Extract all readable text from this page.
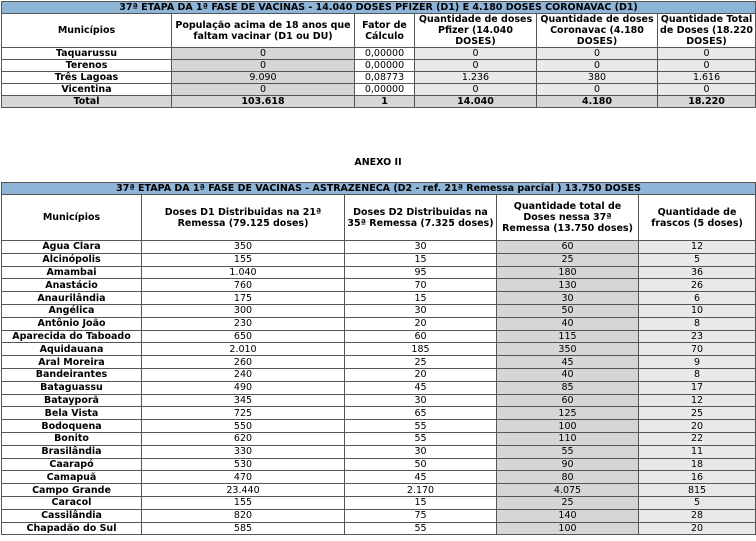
37ª ETAPA DA 1ª FASE DE VACINAS - 14.040 DOSES PFIZER (D1) E 4.180 DOSES CORONAVAC (D1)					
Municípios	População acima de 18 anos que faltam vacinar (D1 ou DU)	Fator de Cálculo	Quantidade de doses Pfizer (14.040 DOSES)	Quantidade de doses Coronavac (4.180 DOSES)	Quantidade Total de Doses (18.220 DOSES)
Taquarussu	0	0,00000	0	0	0
Terenos	0	0,00000	0	0	0
Três Lagoas	9.090	0,08773	1.236	380	1.616
Vicentina	0	0,00000	0	0	0
Total	103.618	1	14.040	4.180	18.220
ANEXO II
37ª ETAPA DA 1ª FASE DE VACINAS - ASTRAZENECA (D2 - ref. 21ª Remessa parcial ) 13.750 DOSES				
Municípios	Doses D1 Distribuidas na 21ª Remessa (79.125 doses)	Doses D2 Distribuidas na 35ª Remessa (7.325 doses)	Quantidade total de Doses nessa 37ª Remessa (13.750 doses)	Quantidade de frascos (5 doses)
Água Clara	350	30	60	12
Alcinópolis	155	15	25	5
Amambai	1.040	95	180	36
Anastácio	760	70	130	26
Anaurilândia	175	15	30	6
Angélica	300	30	50	10
Antônio João	230	20	40	8
Aparecida do Taboado	650	60	115	23
Aquidauana	2.010	185	350	70
Aral Moreira	260	25	45	9
Bandeirantes	240	20	40	8
Bataguassu	490	45	85	17
Batayporã	345	30	60	12
Bela Vista	725	65	125	25
Bodoquena	550	55	100	20
Bonito	620	55	110	22
Brasilândia	330	30	55	11
Caarapó	530	50	90	18
Camapuã	470	45	80	16
Campo Grande	23.440	2.170	4.075	815
Caracol	155	15	25	5
Cassilândia	820	75	140	28
Chapadão do Sul	585	55	100	20
